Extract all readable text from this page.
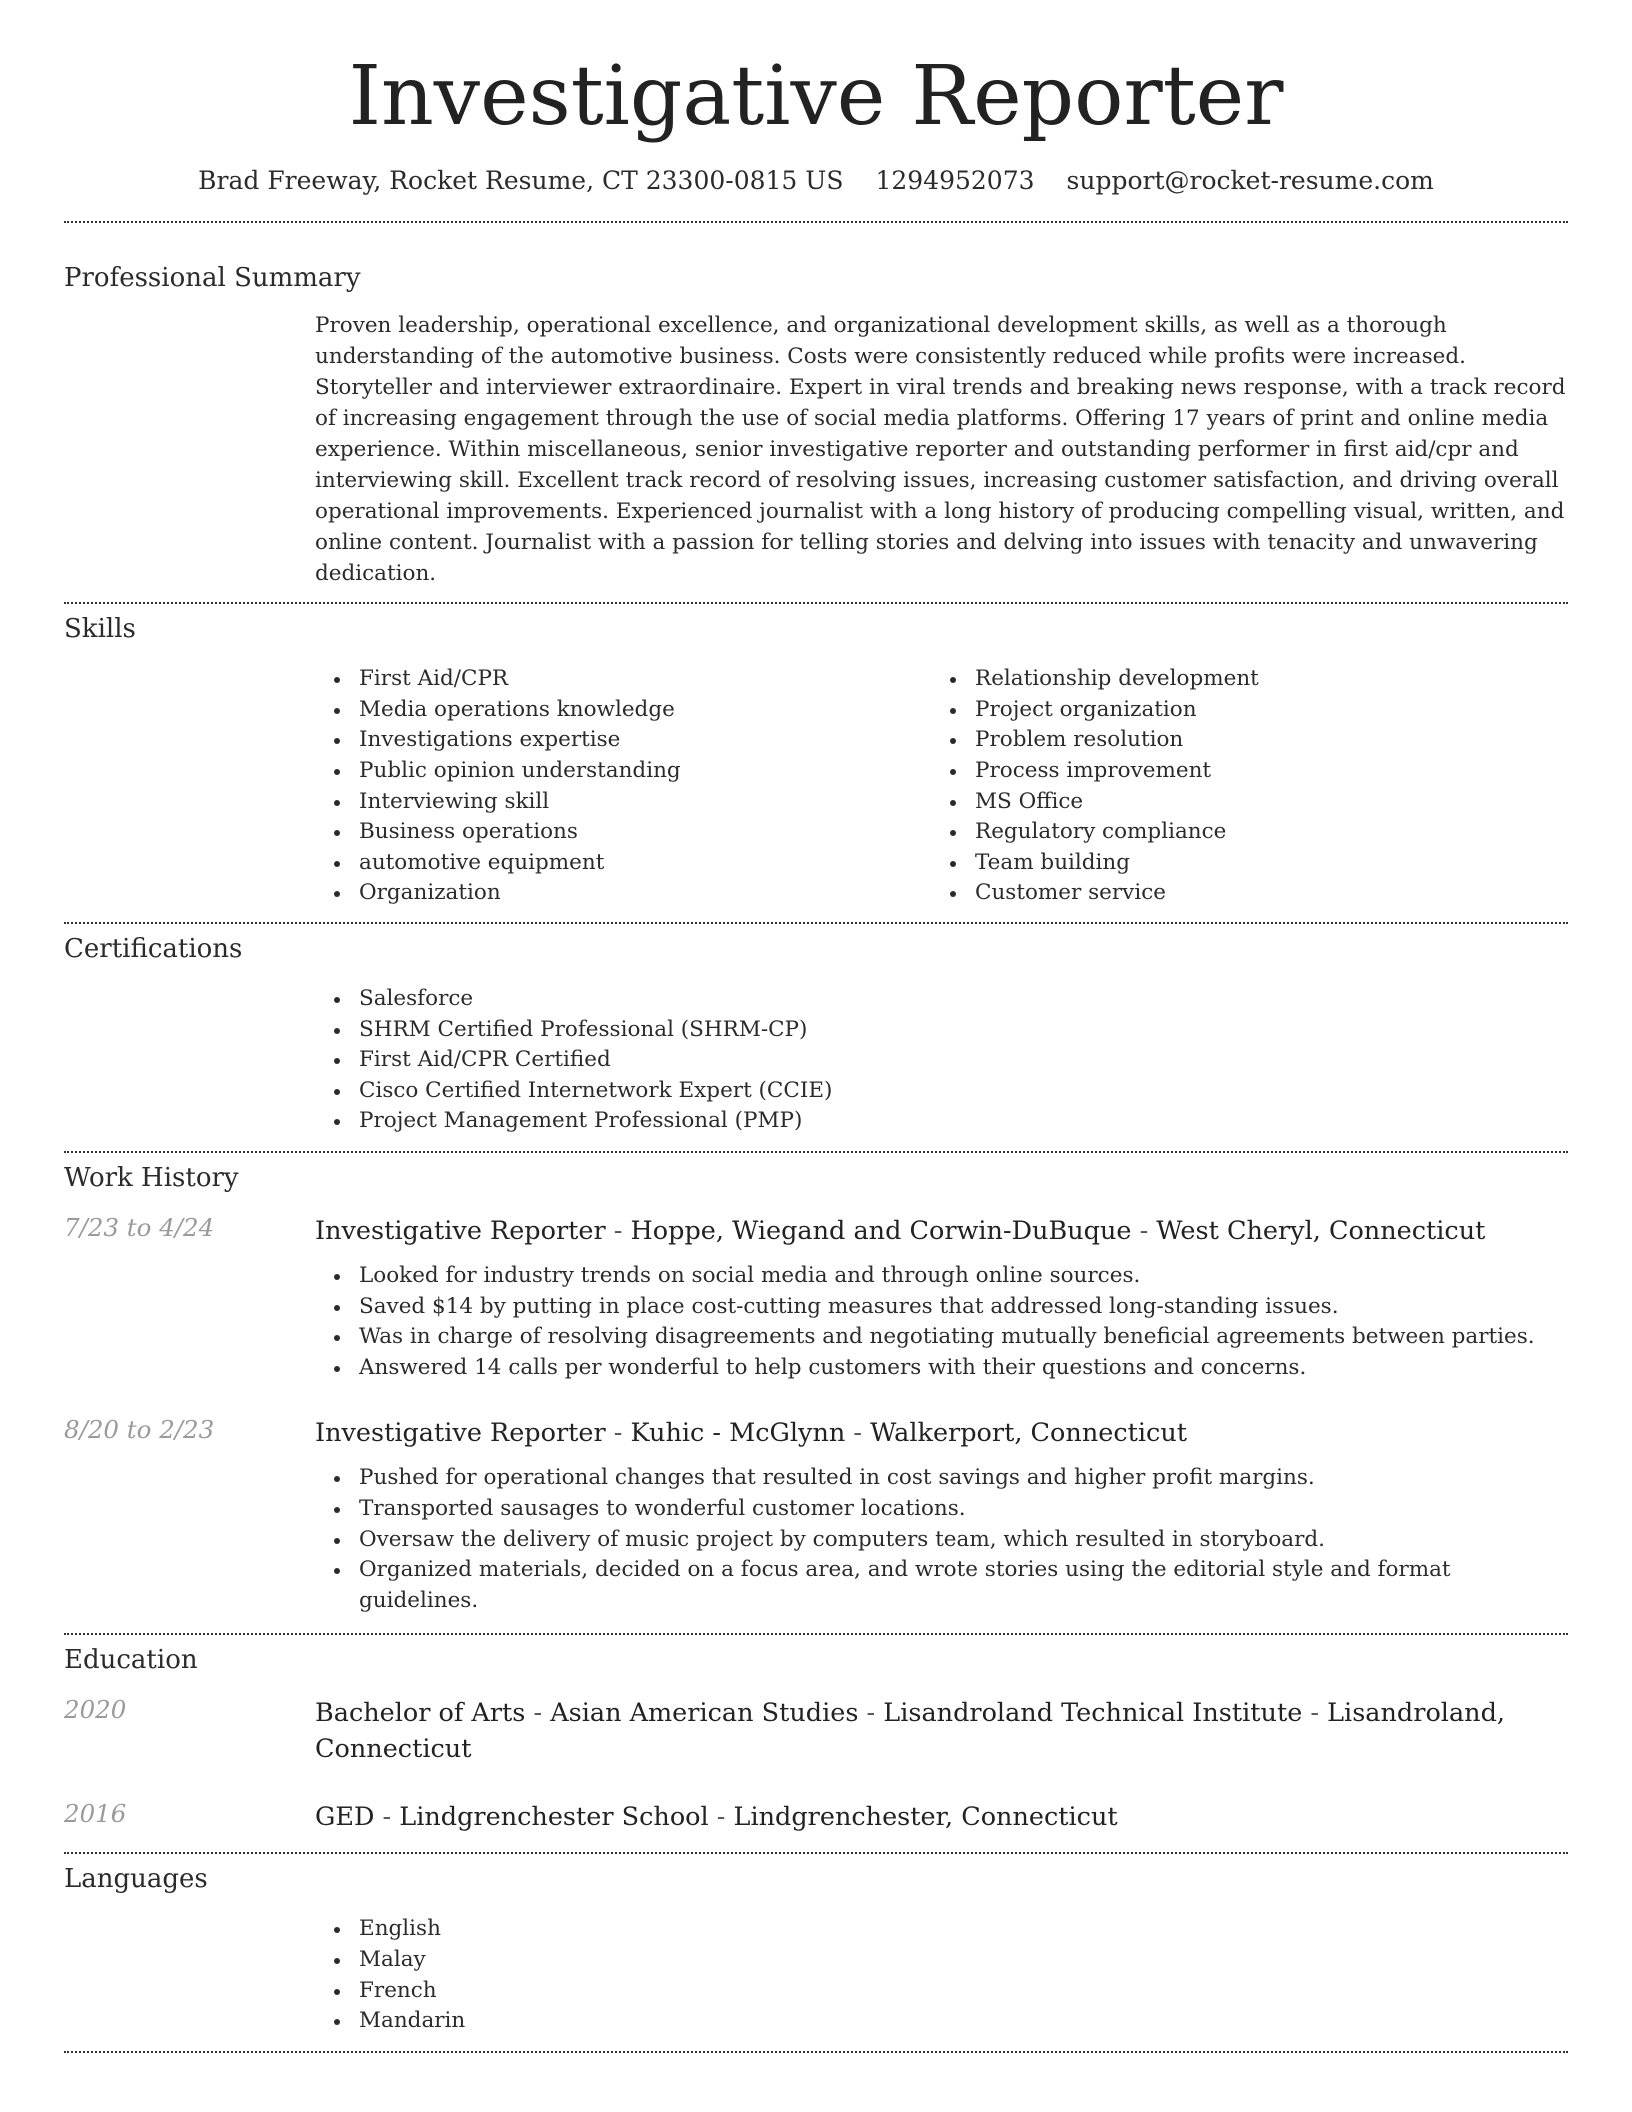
Investigative Reporter
Brad Freeway, Rocket Resume, CT 23300-0815 US 1294952073 support@rocket-resume.com
Professional Summary

Proven leadership, operational excellence, and organizational development skills, as well as a thorough understanding of the automotive business. Costs were consistently reduced while profits were increased. Storyteller and interviewer extraordinaire. Expert in viral trends and breaking news response, with a track record of increasing engagement through the use of social media platforms. Offering 17 years of print and online media experience. Within miscellaneous, senior investigative reporter and outstanding performer in first aid/cpr and interviewing skill. Excellent track record of resolving issues, increasing customer satisfaction, and driving overall operational improvements. Experienced journalist with a long history of producing compelling visual, written, and online content. Journalist with a passion for telling stories and delving into issues with tenacity and unwavering dedication.

Skills
First Aid/CPR
Media operations knowledge
Investigations expertise
Public opinion understanding
Interviewing skill
Business operations
automotive equipment
Organization
Relationship development
Project organization
Problem resolution
Process improvement
MS Office
Regulatory compliance
Team building
Customer service
Certifications
Salesforce
SHRM Certified Professional (SHRM-CP)
First Aid/CPR Certified
Cisco Certified Internetwork Expert (CCIE)
Project Management Professional (PMP)
Work History
7/23 to 4/24	Investigative Reporter - Hoppe, Wiegand and Corwin-DuBuque - West Cheryl, Connecticut
Looked for industry trends on social media and through online sources.
Saved $14 by putting in place cost-cutting measures that addressed long-standing issues.
Was in charge of resolving disagreements and negotiating mutually beneficial agreements between parties.
Answered 14 calls per wonderful to help customers with their questions and concerns.
8/20 to 2/23	Investigative Reporter - Kuhic - McGlynn - Walkerport, Connecticut
Pushed for operational changes that resulted in cost savings and higher profit margins.
Transported sausages to wonderful customer locations.
Oversaw the delivery of music project by computers team, which resulted in storyboard.
Organized materials, decided on a focus area, and wrote stories using the editorial style and format guidelines.
Education
2020	Bachelor of Arts - Asian American Studies - Lisandroland Technical Institute - Lisandroland, Connecticut
2016	GED - Lindgrenchester School - Lindgrenchester, Connecticut
Languages
English
Malay
French
Mandarin
